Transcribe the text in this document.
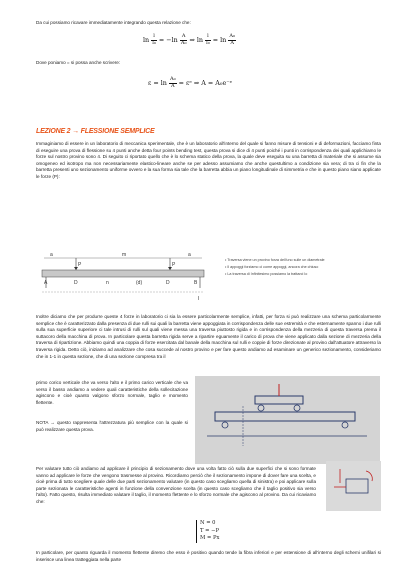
Da cui possiamo ricavare immediatamente integrando questa relazione che:
$\ln \frac{l}{\text{l₀}} = -\ln \frac{A}{\text{A₀}}$ ⇒ $\ln \frac{l}{\text{l₀}} = \ln \frac{\text{A₀}}{A}$
Dove poniamo = si possa anche scrivere:
$\varepsilon = \ln \frac{\text{A₀}}{A}$ = εᵉ ⇒ A = A₀e⁻ᵉ
LEZIONE 2 → FLESSIONE SEMPLICE
Immaginiamo di essere in un laboratorio di meccanica sperimentale, che è un laboratorio all'interno del quale si fanno misure di tensioni e di deformazioni, facciamo finta di eseguire una prova di flessione su 4 punti anche detta four points bending test, questa prova si dice di 4 punti poiché i punti in corrispondenza dei quali applichiamo le forze sul nostro provino sono 4. Di seguito ci riportato quello che è lo schema statico della prova, la quale deve eseguita su una barretta di materiale che si assume sia omogeneo ed isotropo ma non necessariamente elastico-lineare anche se per adesso assumiamo che anche questultimo a condizione sia vera; di tra ci fin che la barretta presenti uno sezionamento uniforme ovvero e la sua forma sia tale che la barretta abbia un piano longitudinale di simmetria e che in questo piano siano applicate le forze (P):
a
P
m
P
a
A	D	n	(d)	D	B
I
• Traversa viene un provino forza dell'uno sulle un diametrale
• Il appoggi forziamo ci come appoggi, ancora che chiuso
• La traversa di Infinitesimo possiamo la trattarci lo
Inoltre diciamo che per produrre queste 4 forze in laboratorio ci sia la essere particolarmente semplice, infatti, per forza si può realizzare una schema particolarmente semplice che è caratterizzato dalla presenza di due rulli sui quali la barretta viene appoggiata in corrispondenza delle sue estremità e che esternamente spanno i due rulli sulla sua superficie superiore ci tale intrusi di rulli sul quali viene messa una traversa piuttosto rigida e in corrispondenza della mezzeria di questa traversa prema il suttacoro della macchina di prova. In particolare questa barretta rigida serve a ripartire eguamente il carico di prova che viene applicato dalla sezione di mezzeria della traversa di ripartizione. Abbiamo quindi una coppia di forze esercitata dal banale della macchina sul rulli e coppie di forze direzionate al provino dall'attuatore attraverso la traversa rigida. Detto ciò, iniziamo ad analizzare che cosa succede al nostro provino e per fare questo andiamo ad esaminare un generico sezionamento, consideriamo che in 1-1 in questa sezione, che di una sezione compresa tra il
primo corico verticale che va verso l'alto e il primo carico verticale che va verso il basso andiamo a vedere quali caratteristiche della sollecitazione agiscono e cioè quanto valgono sforzo normale, taglio e momento flettente.
NOTA → questo rappresenta l'attrezzatura più semplice con la quale si può realizzare questa prova.
Per valutare tutto ciò andiamo ad applicare il principio di sezionamento dove una volta fatto ciò sulla due superfici che si sono formate vanno ad applicare le forze che vengono trasmesse al provino. Ricordiamo perciò che il sezionamento impone di dover fare una scelta, e cioè prima di tutto scegliere quale delle due parti sezionamento valutare (in questo caso scegliamo quella di sinistra) e poi applicare sulla parte sezionata le caratteristiche agenti in funzione della convenzione scelta (in questo caso scegliamo che il taglio positivo sia verso l'alto). Fatto questo, risulta immediato valutare il taglio, il momento flettente e lo sforzo normale che agiscono al provino. Da cui ricaviamo che:
N = 0
T = −P
M = Px
In particolare, per quanto riguarda il momento flettente diremo che esso è positivo quando tende la fibra inferiori e per estensione di all'interno degli schemi unifilari si inserisce una linea tratteggiata nella parte
